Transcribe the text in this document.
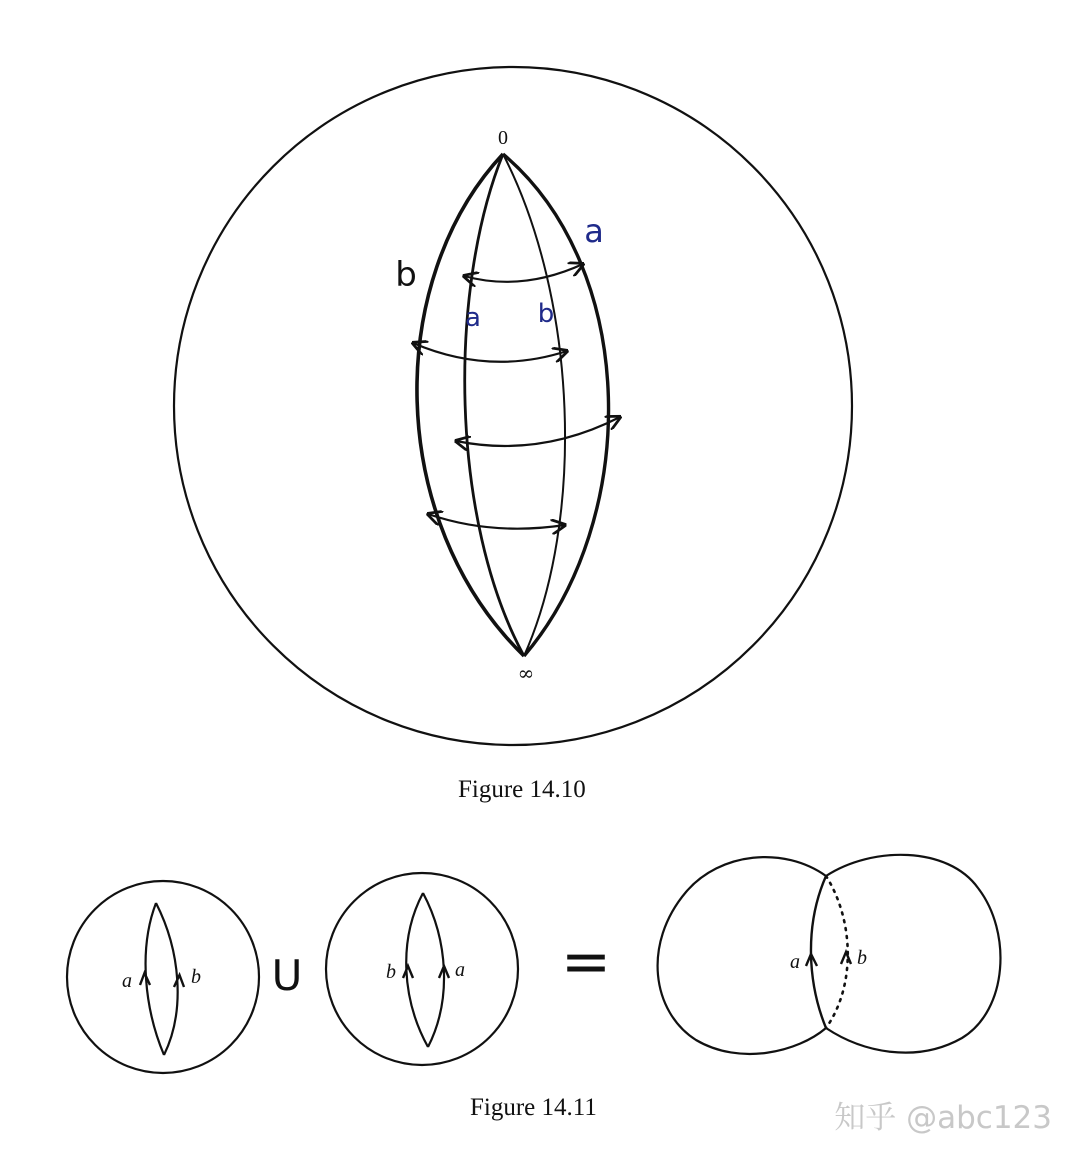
0
∞
b
a
a b
a	b U	b	a =	a	b
Figure 14.10
Figure 14.11	知乎 @abc123
